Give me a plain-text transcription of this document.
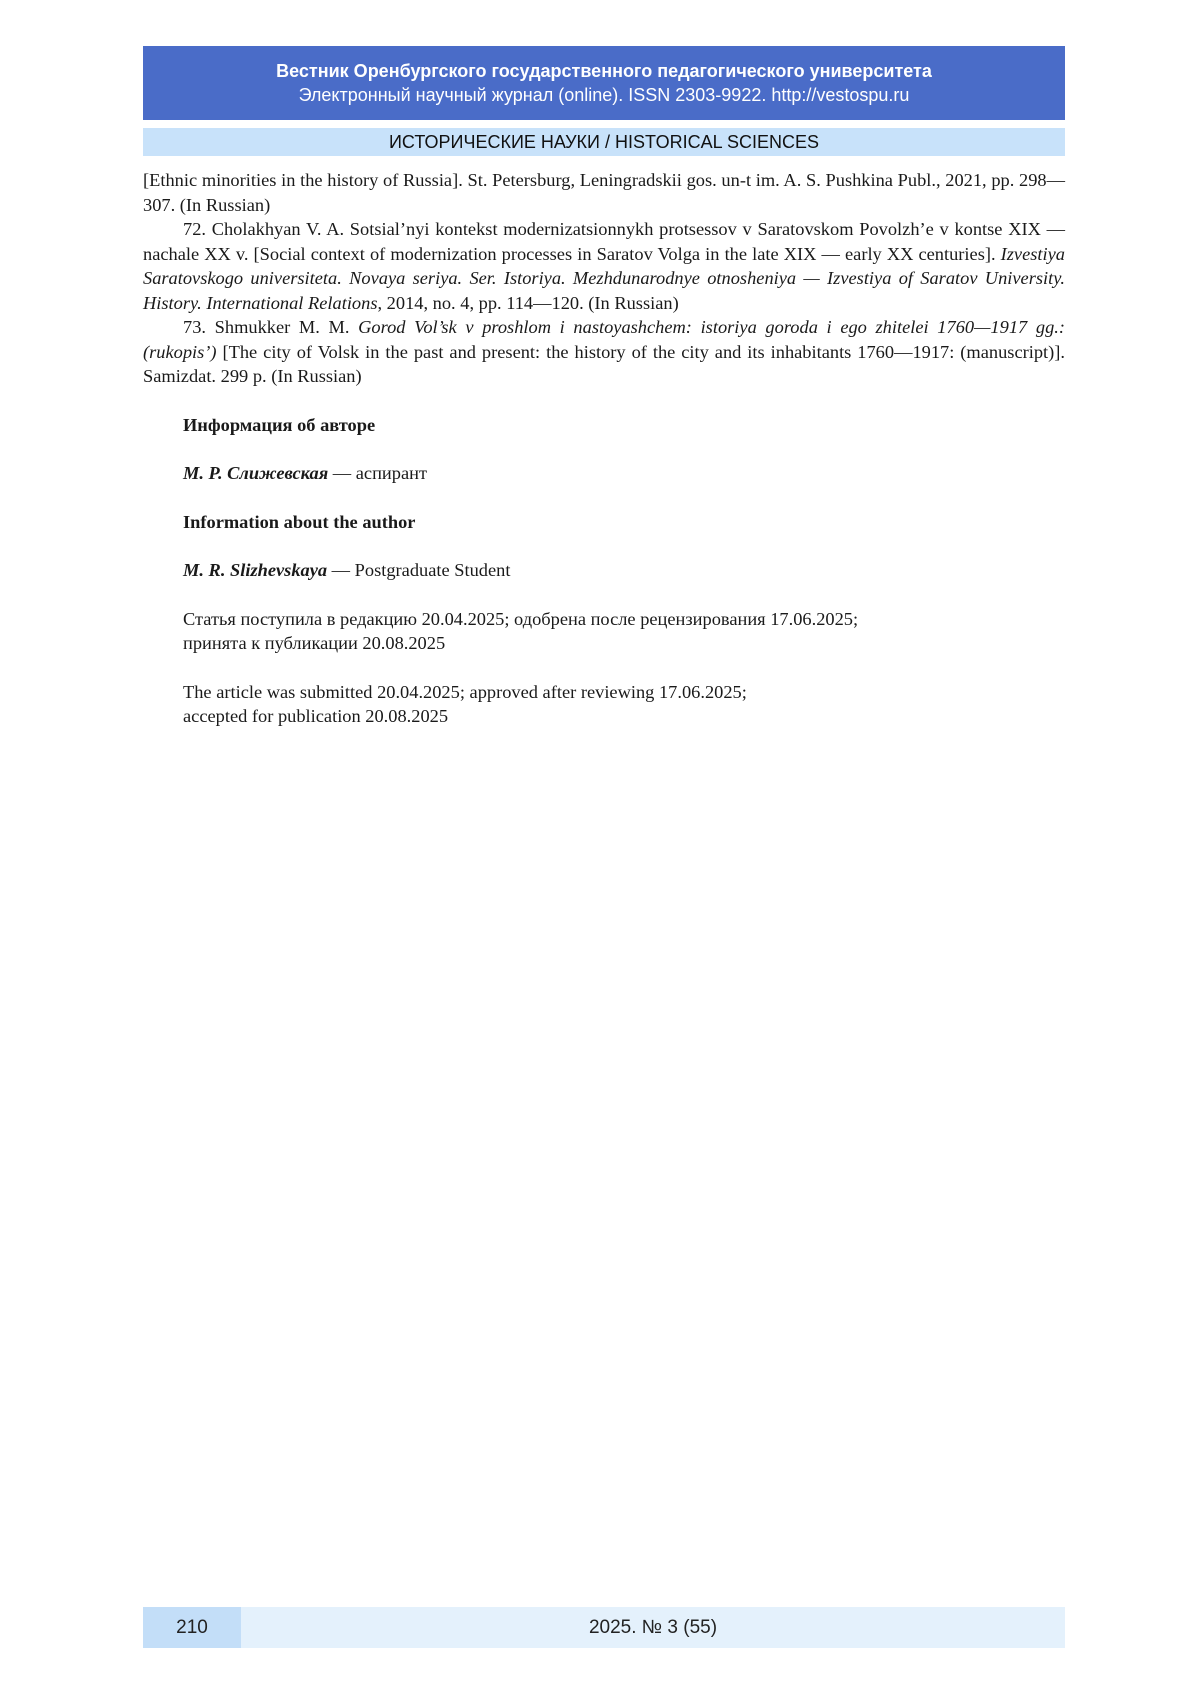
Вестник Оренбургского государственного педагогического университета
Электронный научный журнал (online). ISSN 2303-9922. http://vestospu.ru
ИСТОРИЧЕСКИЕ НАУКИ / HISTORICAL SCIENCES

[Ethnic minorities in the history of Russia]. St. Petersburg, Leningradskii gos. un-t im. A. S. Pushkina Publ., 2021, pp. 298—307. (In Russian)

72. Cholakhyan V. A. Sotsial’nyi kontekst modernizatsionnykh protsessov v Saratovskom Povolzh’e v kontse XIX — nachale XX v. [Social context of modernization processes in Saratov Volga in the late XIX — early XX centuries]. Izvestiya Saratovskogo universiteta. Novaya seriya. Ser. Istoriya. Mezhdunarodnye otnosheniya — Izvestiya of Saratov University. History. International Relations, 2014, no. 4, pp. 114—120. (In Russian)

73. Shmukker M. M. Gorod Vol’sk v proshlom i nastoyashchem: istoriya goroda i ego zhitelei 1760—1917 gg.: (rukopis’) [The city of Volsk in the past and present: the history of the city and its inhabitants 1760—1917: (manuscript)]. Samizdat. 299 p. (In Russian)

Информация об авторе

М. Р. Слижевская — аспирант

Information about the author

M. R. Slizhevskaya — Postgraduate Student

Статья поступила в редакцию 20.04.2025; одобрена после рецензирования 17.06.2025;
принята к публикации 20.08.2025

The article was submitted 20.04.2025; approved after reviewing 17.06.2025;
accepted for publication 20.08.2025

210	2025. № 3 (55)
